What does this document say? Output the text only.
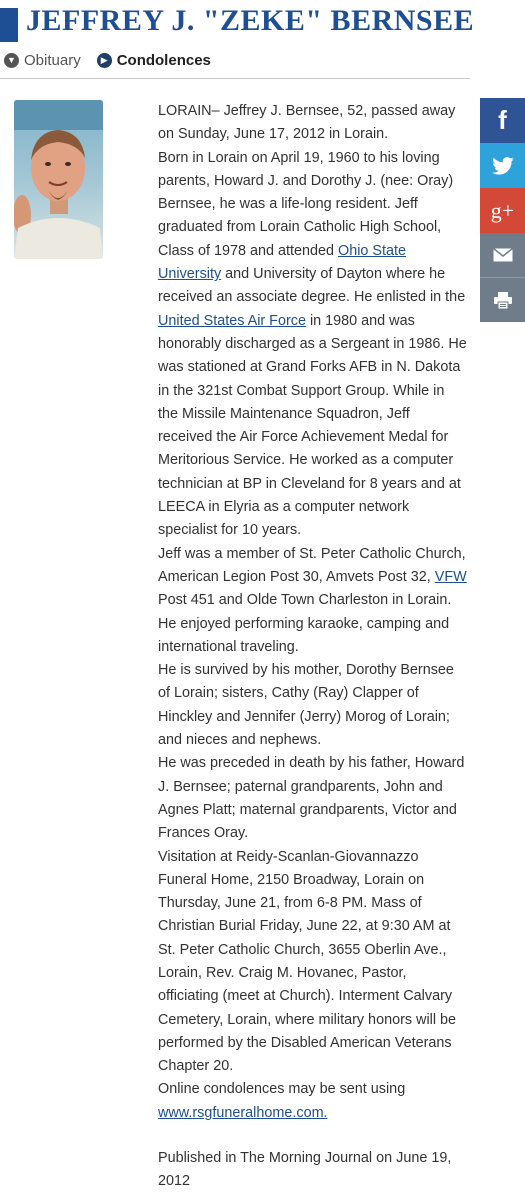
JEFFREY J. "ZEKE" BERNSEE
▼ Obituary	▶ Condolences

LORAIN– Jeffrey J. Bernsee, 52, passed away on Sunday, June 17, 2012 in Lorain.

Born in Lorain on April 19, 1960 to his loving parents, Howard J. and Dorothy J. (nee: Oray) Bernsee, he was a life-long resident. Jeff graduated from Lorain Catholic High School, Class of 1978 and attended Ohio State University and University of Dayton where he received an associate degree. He enlisted in the United States Air Force in 1980 and was honorably discharged as a Sergeant in 1986. He was stationed at Grand Forks AFB in N. Dakota in the 321st Combat Support Group. While in the Missile Maintenance Squadron, Jeff received the Air Force Achievement Medal for Meritorious Service. He worked as a computer technician at BP in Cleveland for 8 years and at LEECA in Elyria as a computer network specialist for 10 years.

Jeff was a member of St. Peter Catholic Church, American Legion Post 30, Amvets Post 32, VFW Post 451 and Olde Town Charleston in Lorain. He enjoyed performing karaoke, camping and international traveling.

He is survived by his mother, Dorothy Bernsee of Lorain; sisters, Cathy (Ray) Clapper of Hinckley and Jennifer (Jerry) Morog of Lorain; and nieces and nephews.

He was preceded in death by his father, Howard J. Bernsee; paternal grandparents, John and Agnes Platt; maternal grandparents, Victor and Frances Oray.

Visitation at Reidy-Scanlan-Giovannazzo Funeral Home, 2150 Broadway, Lorain on Thursday, June 21, from 6-8 PM. Mass of Christian Burial Friday, June 22, at 9:30 AM at St. Peter Catholic Church, 3655 Oberlin Ave., Lorain, Rev. Craig M. Hovanec, Pastor, officiating (meet at Church). Interment Calvary Cemetery, Lorain, where military honors will be performed by the Disabled American Veterans Chapter 20.

Online condolences may be sent using
www.rsgfuneralhome.com.

Published in The Morning Journal on June 19, 2012

f
g+
